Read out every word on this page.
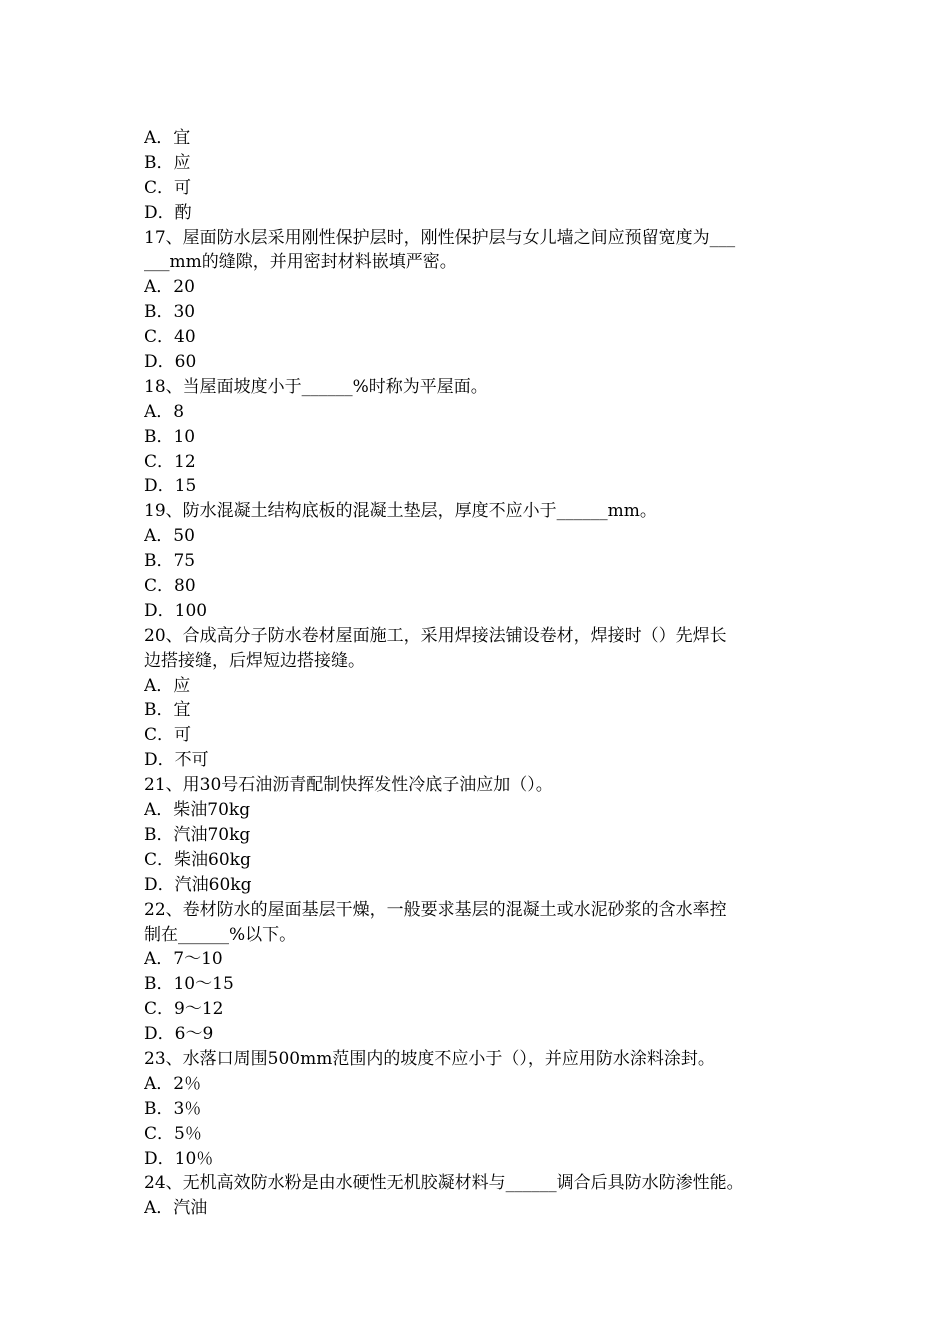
A．宜

B．应

C．可

D．酌

17、屋面防水层采用刚性保护层时，刚性保护层与女儿墙之间应预留宽度为___

___mm的缝隙，并用密封材料嵌填严密。

A．20

B．30

C．40

D．60

18、当屋面坡度小于______%时称为平屋面。

A．8

B．10

C．12

D．15

19、防水混凝土结构底板的混凝土垫层，厚度不应小于______mm。

A．50

B．75

C．80

D．100

20、合成高分子防水卷材屋面施工，采用焊接法铺设卷材，焊接时（）先焊长

边搭接缝，后焊短边搭接缝。

A．应

B．宜

C．可

D．不可

21、用30号石油沥青配制快挥发性冷底子油应加（）。

A．柴油70kg

B．汽油70kg

C．柴油60kg

D．汽油60kg

22、卷材防水的屋面基层干燥，一般要求基层的混凝土或水泥砂浆的含水率控

制在______%以下。

A．7～10

B．10～15

C．9～12

D．6～9

23、水落口周围500mm范围内的坡度不应小于（），并应用防水涂料涂封。

A．2％

B．3％

C．5％

D．10％

24、无机高效防水粉是由水硬性无机胶凝材料与______调合后具防水防渗性能。

A．汽油
